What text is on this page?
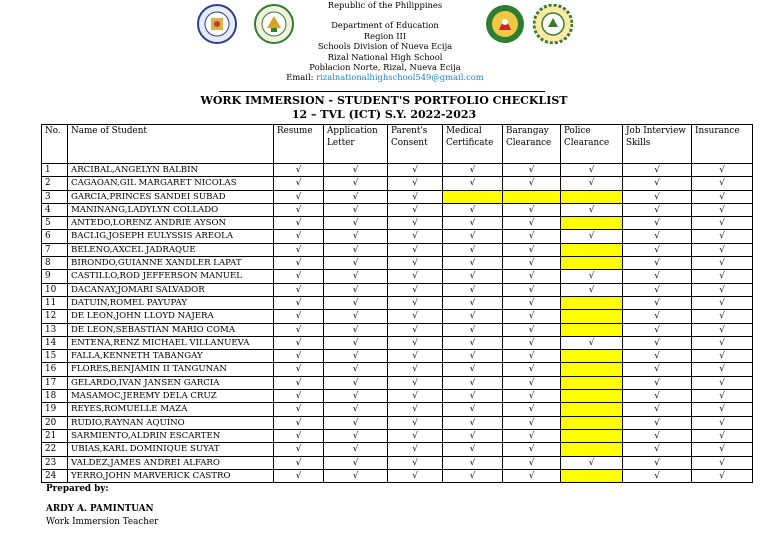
Republic of the Philippines
Department of Education
Region III
Schools Division of Nueva Ecija
Rizal National High School
Poblacion Norte, Rizal, Nueva Ecija
Email: rizalnationalhighschool549@gmail.com
WORK IMMERSION - STUDENT'S PORTFOLIO CHECKLIST
12 – TVL (ICT) S.Y. 2022-2023
No.	Name of Student	Resume	Application Letter	Parent's Consent	Medical Certificate	Barangay Clearance	Police Clearance	Job Interview Skills	Insurance
1	ARCIBAL,ANGELYN BALBIN	√	√	√	√	√	√	√	√
2	CAGAOAN,GIL MARGARET NICOLAS	√	√	√	√	√	√	√	√
3	GARCIA,PRINCES SANDEI SUBAD	√	√	√				√	√
4	MANINANG,LADYLYN COLLADO	√	√	√	√	√	√	√	√
5	ANTEDO,LORENZ ANDRIE AYSON	√	√	√	√	√		√	√
6	BACLIG,JOSEPH EULYSSIS AREOLA	√	√	√	√	√	√	√	√
7	BELENO,AXCEL JADRAQUE	√	√	√	√	√		√	√
8	BIRONDO,GUIANNE XANDLER LAPAT	√	√	√	√	√		√	√
9	CASTILLO,ROD JEFFERSON MANUEL	√	√	√	√	√	√	√	√
10	DACANAY,JOMARI SALVADOR	√	√	√	√	√	√	√	√
11	DATUIN,ROMEL PAYUPAY	√	√	√	√	√		√	√
12	DE LEON,JOHN LLOYD NAJERA	√	√	√	√	√		√	√
13	DE LEON,SEBASTIAN MARIO COMA	√	√	√	√	√		√	√
14	ENTENA,RENZ MICHAEL VILLANUEVA	√	√	√	√	√	√	√	√
15	FALLA,KENNETH TABANGAY	√	√	√	√	√		√	√
16	FLORES,BENJAMIN II TANGUNAN	√	√	√	√	√		√	√
17	GELARDO,IVAN JANSEN GARCIA	√	√	√	√	√		√	√
18	MASAMOC,JEREMY DELA CRUZ	√	√	√	√	√		√	√
19	REYES,ROMUELLE MAZA	√	√	√	√	√		√	√
20	RUDIO,RAYNAN AQUINO	√	√	√	√	√		√	√
21	SARMIENTO,ALDRIN ESCARTEN	√	√	√	√	√		√	√
22	UBIAS,KARL DOMINIQUE SUYAT	√	√	√	√	√		√	√
23	VALDEZ,JAMES ANDREI ALFARO	√	√	√	√	√	√	√	√
24	YERRO,JOHN MARVERICK CASTRO	√	√	√	√	√		√	√
Prepared by:
ARDY A. PAMINTUAN
Work Immersion Teacher
